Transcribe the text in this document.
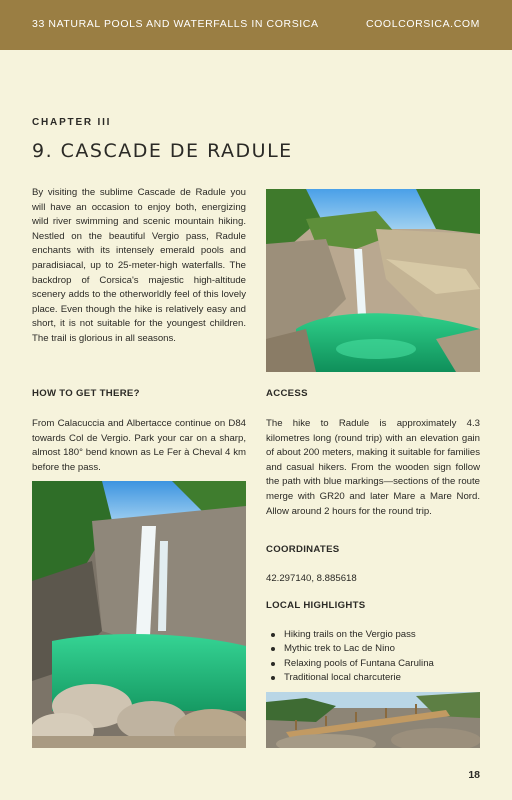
33 NATURAL POOLS AND WATERFALLS IN CORSICA	COOLCORSICA.COM
CHAPTER III
9. CASCADE DE RADULE

By visiting the sublime Cascade de Radule you will have an occasion to enjoy both, energizing wild river swimming and scenic mountain hiking. Nestled on the beautiful Vergio pass, Radule enchants with its intensely emerald pools and paradisiacal, up to 25-meter-high waterfalls. The backdrop of Corsica's majestic high-altitude scenery adds to the otherworldly feel of this lovely place. Even though the hike is relatively easy and short, it is not suitable for the youngest children. The trail is glorious in all seasons.

HOW TO GET THERE?

From Calacuccia and Albertacce continue on D84 towards Col de Vergio. Park your car on a sharp, almost 180° bend known as Le Fer à Cheval 4 km before the pass.

ACCESS

The hike to Radule is approximately 4.3 kilometres long (round trip) with an elevation gain of about 200 meters, making it suitable for families and casual hikers. From the wooden sign follow the path with blue markings—sections of the route merge with GR20 and later Mare a Mare Nord. Allow around 2 hours for the round trip.

COORDINATES

42.297140, 8.885618

LOCAL HIGHLIGHTS
Hiking trails on the Vergio pass
Mythic trek to Lac de Nino
Relaxing pools of Funtana Carulina
Traditional local charcuterie
18
